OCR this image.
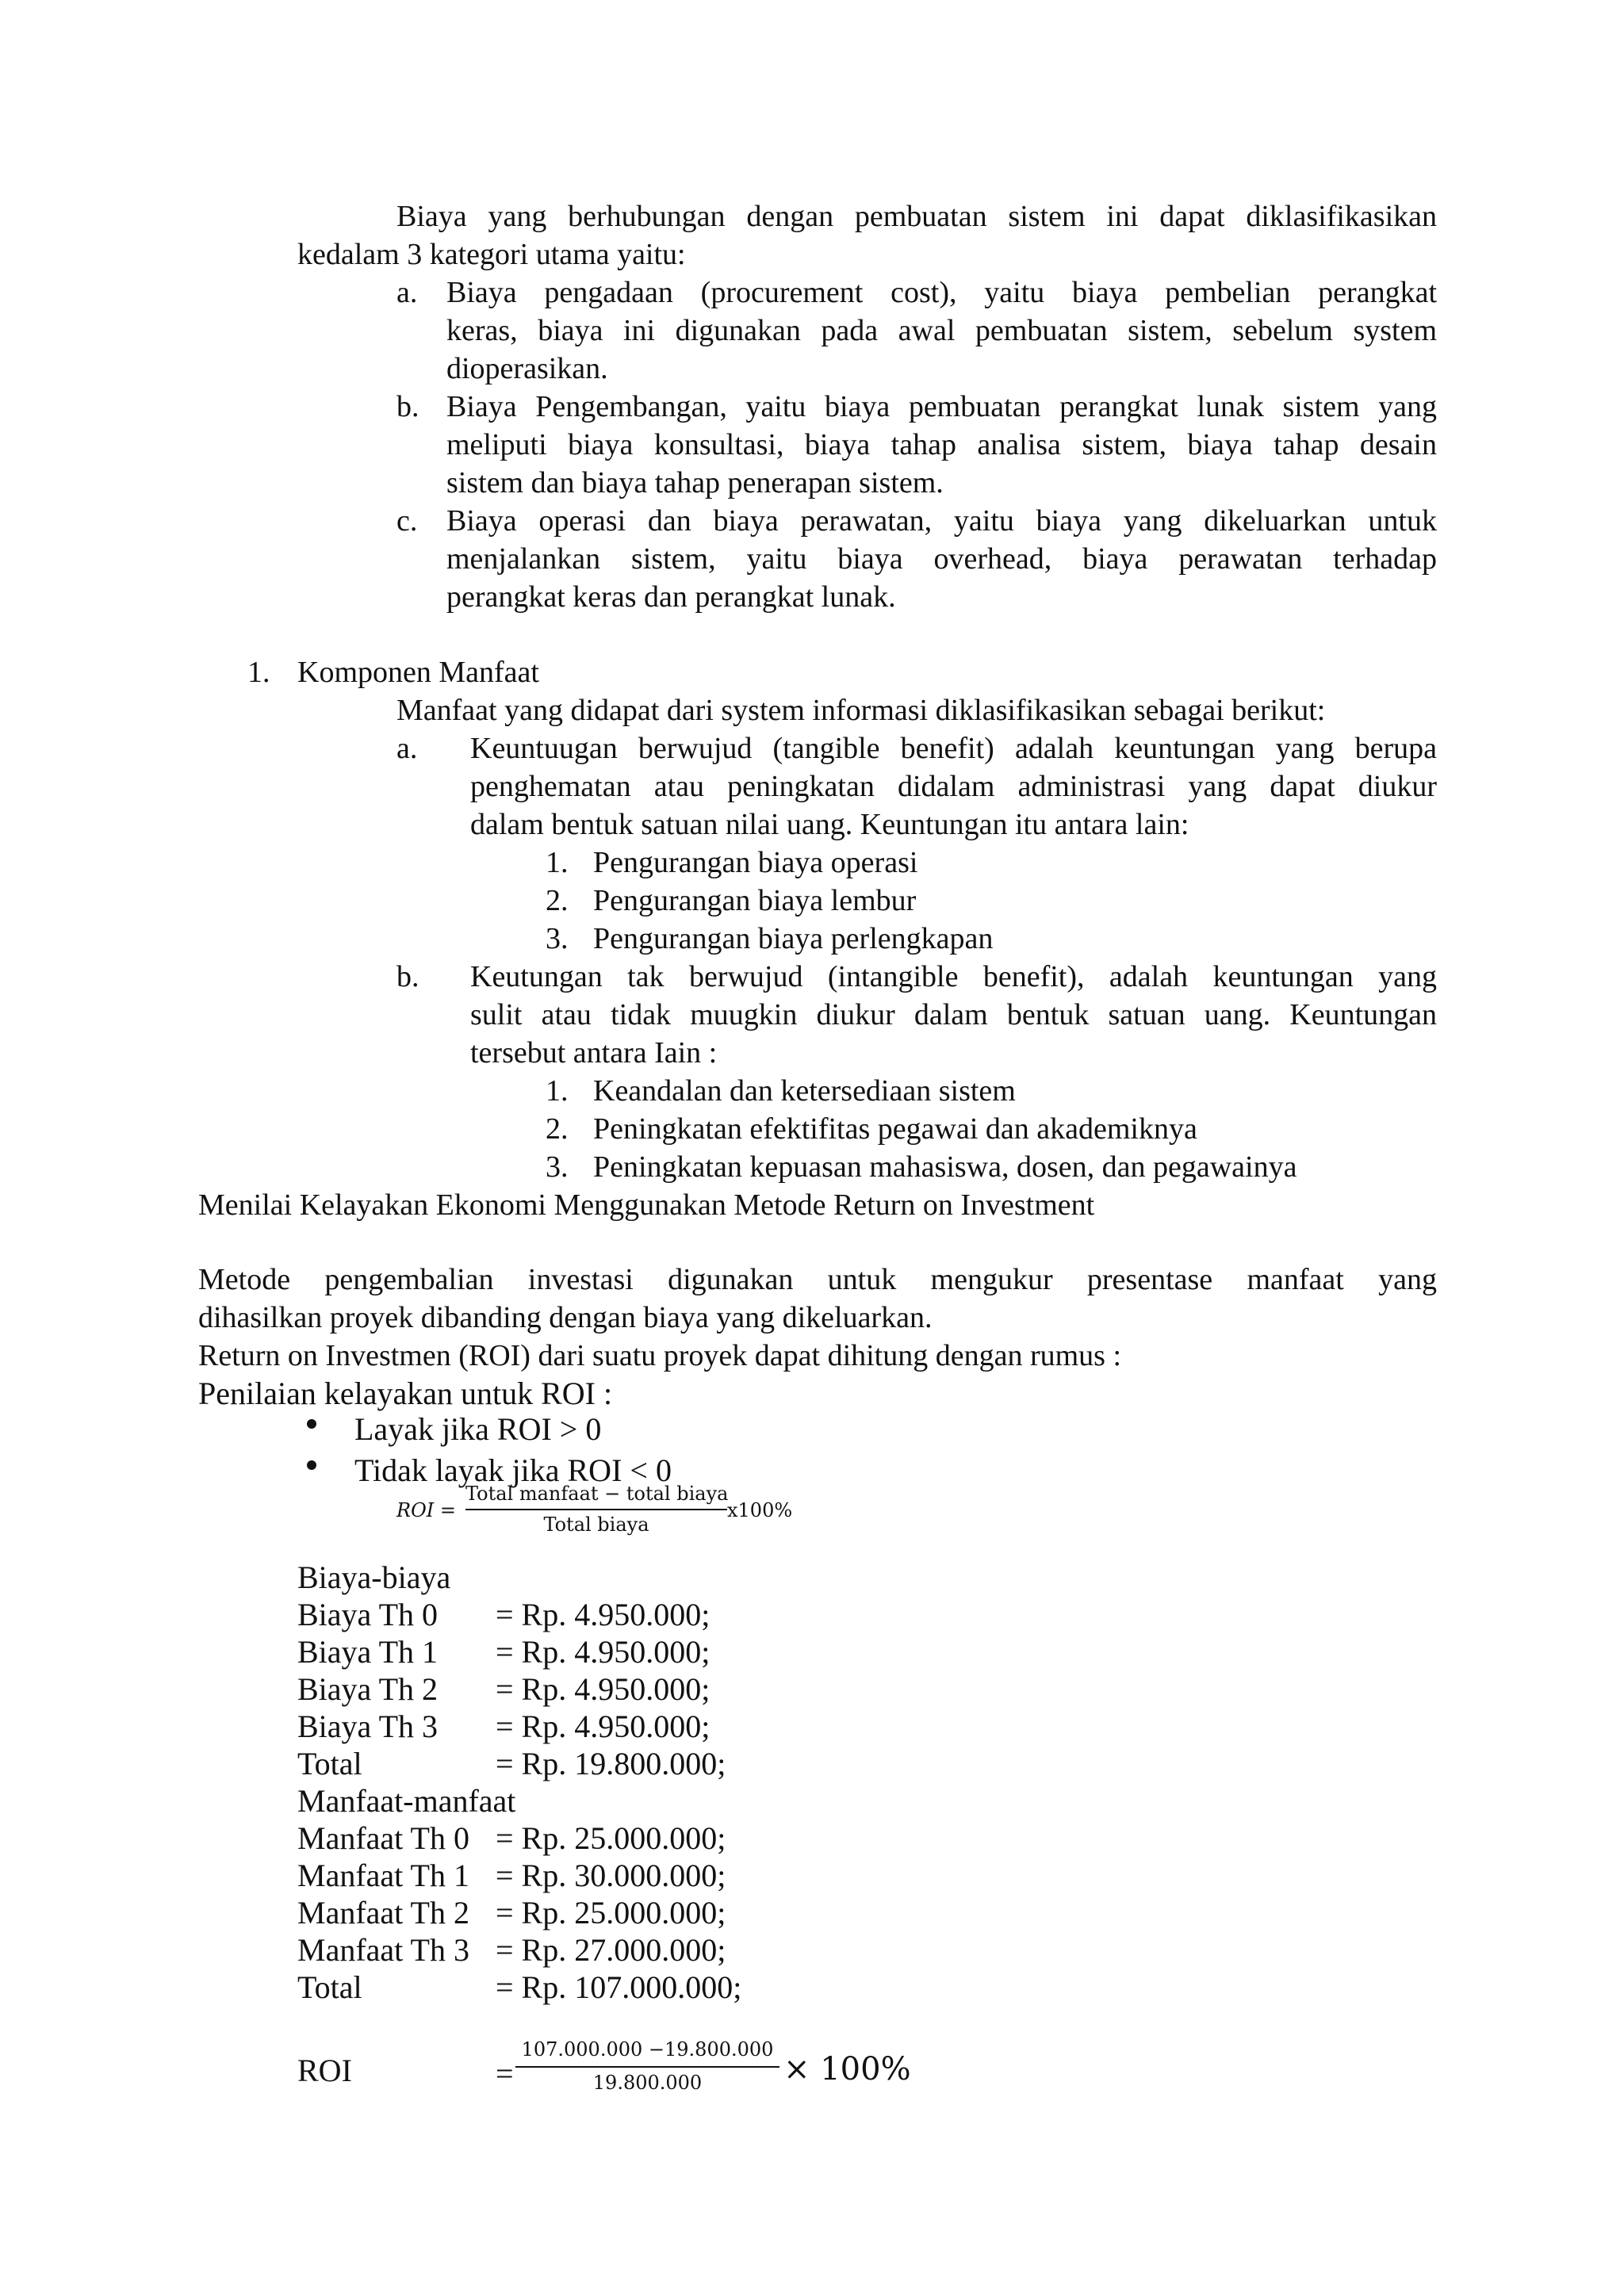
Biaya yang berhubungan dengan pembuatan sistem ini dapat diklasifikasikan
kedalam 3 kategori utama yaitu:
a. Biaya pengadaan (procurement cost), yaitu biaya pembelian perangkat
keras, biaya ini digunakan pada awal pembuatan sistem, sebelum system
dioperasikan.
b. Biaya Pengembangan, yaitu biaya pembuatan perangkat lunak sistem yang
meliputi biaya konsultasi, biaya tahap analisa sistem, biaya tahap desain
sistem dan biaya tahap penerapan sistem.
c. Biaya operasi dan biaya perawatan, yaitu biaya yang dikeluarkan untuk
menjalankan sistem, yaitu biaya overhead, biaya perawatan terhadap
perangkat keras dan perangkat lunak.
1. Komponen Manfaat
Manfaat yang didapat dari system informasi diklasifikasikan sebagai berikut:
a. Keuntuugan berwujud (tangible benefit) adalah keuntungan yang berupa
penghematan atau peningkatan didalam administrasi yang dapat diukur
dalam bentuk satuan nilai uang. Keuntungan itu antara lain:
1. Pengurangan biaya operasi
2. Pengurangan biaya lembur
3. Pengurangan biaya perlengkapan
b. Keutungan tak berwujud (intangible benefit), adalah keuntungan yang
sulit atau tidak muugkin diukur dalam bentuk satuan uang. Keuntungan
tersebut antara Iain :
1. Keandalan dan ketersediaan sistem
2. Peningkatan efektifitas pegawai dan akademiknya
3. Peningkatan kepuasan mahasiswa, dosen, dan pegawainya
Menilai Kelayakan Ekonomi Menggunakan Metode Return on Investment
Metode pengembalian investasi digunakan untuk mengukur presentase manfaat yang
dihasilkan proyek dibanding dengan biaya yang dikeluarkan.
Return on Investmen (ROI) dari suatu proyek dapat dihitung dengan rumus :
Penilaian kelayakan untuk ROI :
Layak jika ROI > 0
Tidak layak jika ROI < 0
ROI =
Total manfaat − total biaya
Total biaya
x100%
Biaya-biaya
Biaya Th 0 = Rp. 4.950.000;
Biaya Th 1 = Rp. 4.950.000;
Biaya Th 2 = Rp. 4.950.000;
Biaya Th 3 = Rp. 4.950.000;
Total	= Rp. 19.800.000;
Manfaat-manfaat
Manfaat Th 0 = Rp. 25.000.000;
Manfaat Th 1 = Rp. 30.000.000;
Manfaat Th 2 = Rp. 25.000.000;
Manfaat Th 3 = Rp. 27.000.000;
Total	= Rp. 107.000.000;
ROI	=
107.000.000 −19.800.000
19.800.000	× 100%
